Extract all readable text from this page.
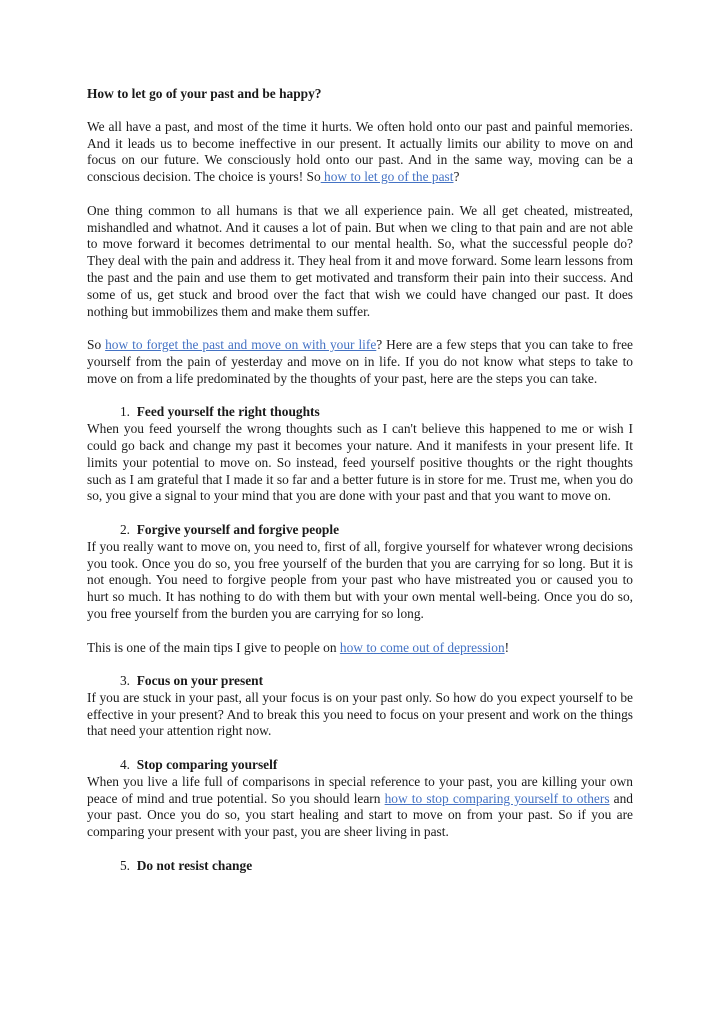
How to let go of your past and be happy?

We all have a past, and most of the time it hurts. We often hold onto our past and painful memories. And it leads us to become ineffective in our present. It actually limits our ability to move on and focus on our future. We consciously hold onto our past. And in the same way, moving can be a conscious decision. The choice is yours! So how to let go of the past?

One thing common to all humans is that we all experience pain. We all get cheated, mistreated, mishandled and whatnot. And it causes a lot of pain. But when we cling to that pain and are not able to move forward it becomes detrimental to our mental health. So, what the successful people do? They deal with the pain and address it. They heal from it and move forward. Some learn lessons from the past and the pain and use them to get motivated and transform their pain into their success. And some of us, get stuck and brood over the fact that wish we could have changed our past. It does nothing but immobilizes them and make them suffer.

So how to forget the past and move on with your life? Here are a few steps that you can take to free yourself from the pain of yesterday and move on in life. If you do not know what steps to take to move on from a life predominated by the thoughts of your past, here are the steps you can take.

1. Feed yourself the right thoughts
When you feed yourself the wrong thoughts such as I can't believe this happened to me or wish I could go back and change my past it becomes your nature. And it manifests in your present life. It limits your potential to move on. So instead, feed yourself positive thoughts or the right thoughts such as I am grateful that I made it so far and a better future is in store for me. Trust me, when you do so, you give a signal to your mind that you are done with your past and that you want to move on.
2. Forgive yourself and forgive people
If you really want to move on, you need to, first of all, forgive yourself for whatever wrong decisions you took. Once you do so, you free yourself of the burden that you are carrying for so long. But it is not enough. You need to forgive people from your past who have mistreated you or caused you to hurt so much. It has nothing to do with them but with your own mental well-being. Once you do so, you free yourself from the burden you are carrying for so long.

This is one of the main tips I give to people on how to come out of depression!

3. Focus on your present
If you are stuck in your past, all your focus is on your past only. So how do you expect yourself to be effective in your present? And to break this you need to focus on your present and work on the things that need your attention right now.
4. Stop comparing yourself
When you live a life full of comparisons in special reference to your past, you are killing your own peace of mind and true potential. So you should learn how to stop comparing yourself to others and your past. Once you do so, you start healing and start to move on from your past. So if you are comparing your present with your past, you are sheer living in past.
5. Do not resist change
